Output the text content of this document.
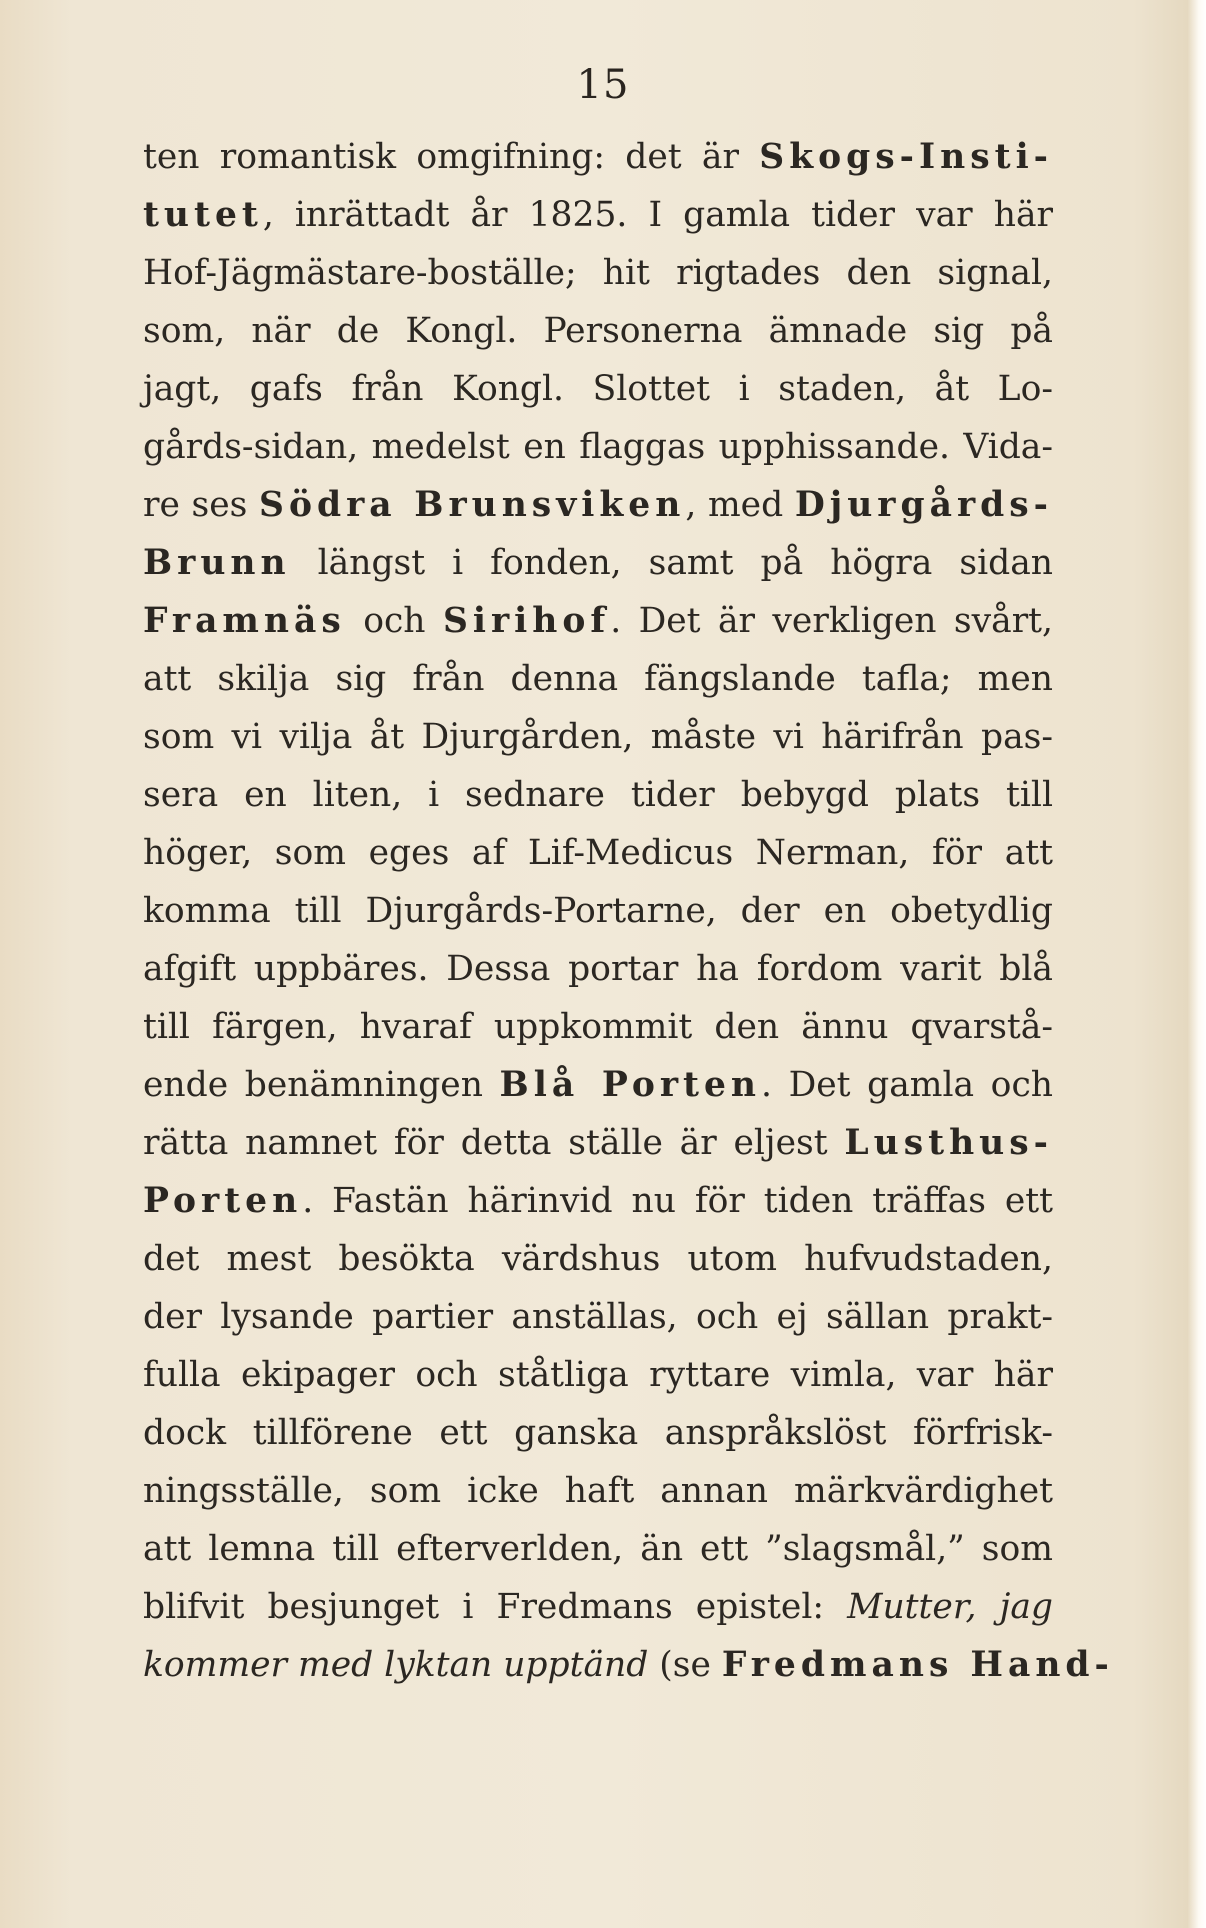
15
ten romantisk omgifning: det är Skogs-Insti-
tutet, inrättadt år 1825. I gamla tider var här
Hof-Jägmästare-boställe; hit rigtades den signal,
som, när de Kongl. Personerna ämnade sig på
jagt, gafs från Kongl. Slottet i staden, åt Lo-
gårds-sidan, medelst en flaggas upphissande. Vida-
re ses Södra Brunsviken, med Djurgårds-
Brunn längst i fonden, samt på högra sidan
Framnäs och Sirihof. Det är verkligen svårt,
att skilja sig från denna fängslande tafla; men
som vi vilja åt Djurgården, måste vi härifrån pas-
sera en liten, i sednare tider bebygd plats till
höger, som eges af Lif-Medicus Nerman, för att
komma till Djurgårds-Portarne, der en obetydlig
afgift uppbäres. Dessa portar ha fordom varit blå
till färgen, hvaraf uppkommit den ännu qvarstå-
ende benämningen Blå Porten. Det gamla och
rätta namnet för detta ställe är eljest Lusthus-
Porten. Fastän härinvid nu för tiden träffas ett
det mest besökta värdshus utom hufvudstaden,
der lysande partier anställas, och ej sällan prakt-
fulla ekipager och ståtliga ryttare vimla, var här
dock tillförene ett ganska anspråkslöst förfrisk-
ningsställe, som icke haft annan märkvärdighet
att lemna till efterverlden, än ett ”slagsmål,” som
blifvit besjunget i Fredmans epistel: Mutter, jag
kommer med lyktan upptänd (se Fredmans Hand-
